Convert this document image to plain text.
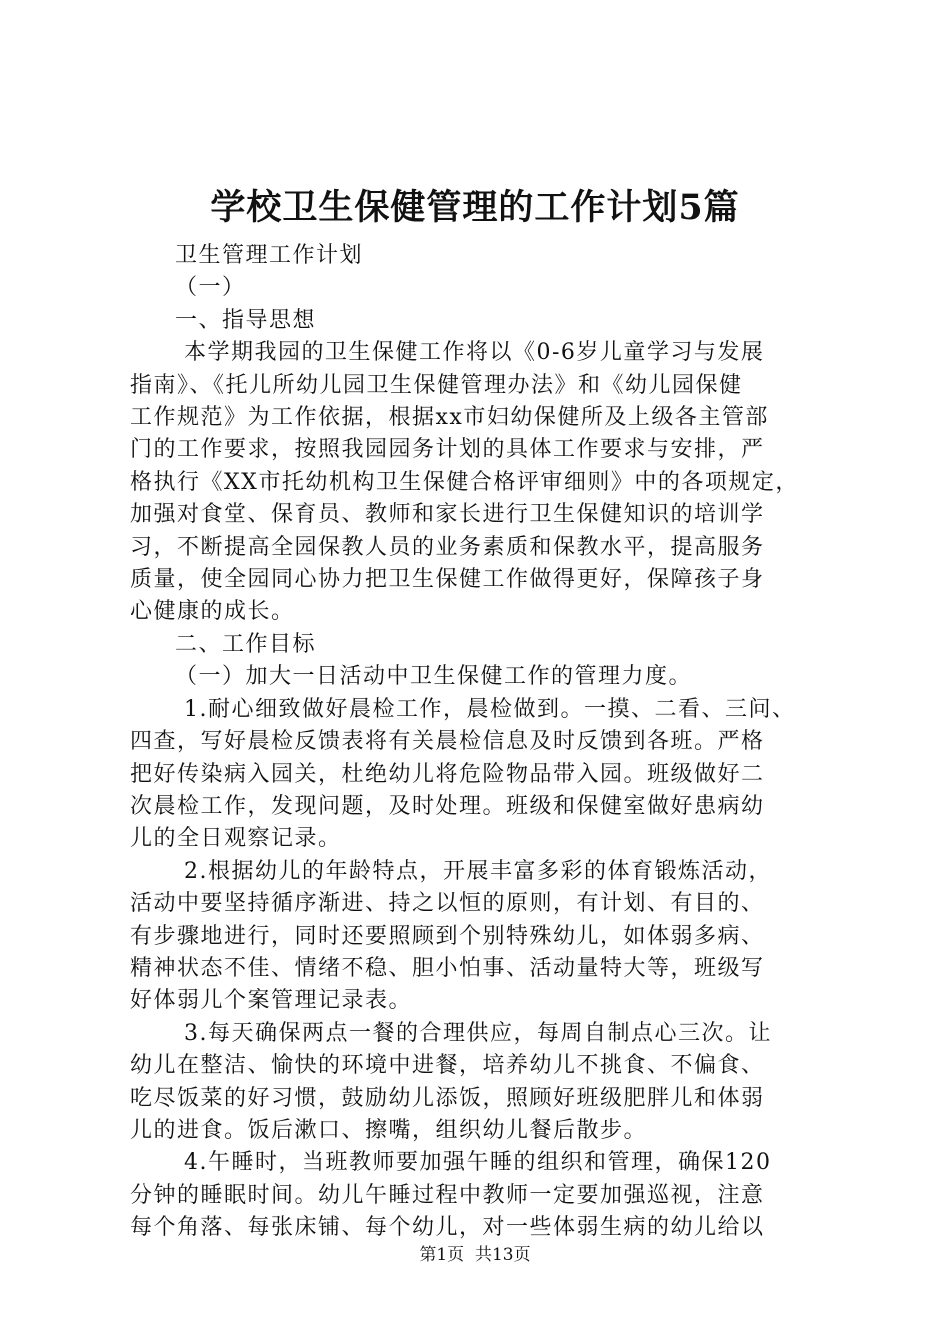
学校卫生保健管理的工作计划5篇

卫生管理工作计划

（一）

一、指导思想

本学期我园的卫生保健工作将以《0-6岁儿童学习与发展

指南》、《托儿所幼儿园卫生保健管理办法》和《幼儿园保健

工作规范》为工作依据，根据xx市妇幼保健所及上级各主管部

门的工作要求，按照我园园务计划的具体工作要求与安排，严

格执行《XX市托幼机构卫生保健合格评审细则》中的各项规定，

加强对食堂、保育员、教师和家长进行卫生保健知识的培训学

习，不断提高全园保教人员的业务素质和保教水平，提高服务

质量，使全园同心协力把卫生保健工作做得更好，保障孩子身

心健康的成长。

二、工作目标

（一）加大一日活动中卫生保健工作的管理力度。

1.耐心细致做好晨检工作，晨检做到。一摸、二看、三问、

四查，写好晨检反馈表将有关晨检信息及时反馈到各班。严格

把好传染病入园关，杜绝幼儿将危险物品带入园。班级做好二

次晨检工作，发现问题，及时处理。班级和保健室做好患病幼

儿的全日观察记录。

2.根据幼儿的年龄特点，开展丰富多彩的体育锻炼活动，

活动中要坚持循序渐进、持之以恒的原则，有计划、有目的、

有步骤地进行，同时还要照顾到个别特殊幼儿，如体弱多病、

精神状态不佳、情绪不稳、胆小怕事、活动量特大等，班级写

好体弱儿个案管理记录表。

3.每天确保两点一餐的合理供应，每周自制点心三次。让

幼儿在整洁、愉快的环境中进餐，培养幼儿不挑食、不偏食、

吃尽饭菜的好习惯，鼓励幼儿添饭，照顾好班级肥胖儿和体弱

儿的进食。饭后漱口、擦嘴，组织幼儿餐后散步。

4.午睡时，当班教师要加强午睡的组织和管理，确保120

分钟的睡眠时间。幼儿午睡过程中教师一定要加强巡视，注意

每个角落、每张床铺、每个幼儿，对一些体弱生病的幼儿给以

第1页  共13页
